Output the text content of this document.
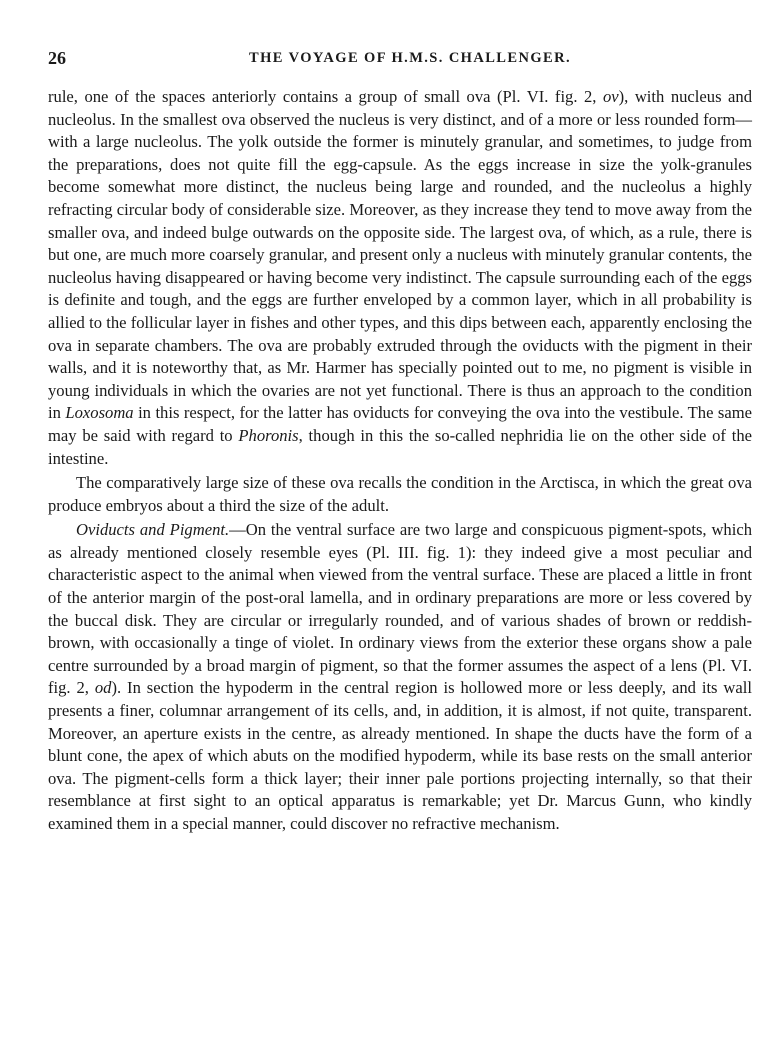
26	THE VOYAGE OF H.M.S. CHALLENGER.

rule, one of the spaces anteriorly contains a group of small ova (Pl. VI. fig. 2, ov), with nucleus and nucleolus. In the smallest ova observed the nucleus is very distinct, and of a more or less rounded form—with a large nucleolus. The yolk outside the former is minutely granular, and sometimes, to judge from the preparations, does not quite fill the egg-capsule. As the eggs increase in size the yolk-granules become somewhat more distinct, the nucleus being large and rounded, and the nucleolus a highly refracting circular body of considerable size. Moreover, as they increase they tend to move away from the smaller ova, and indeed bulge outwards on the opposite side. The largest ova, of which, as a rule, there is but one, are much more coarsely granular, and present only a nucleus with minutely granular contents, the nucleolus having disappeared or having become very indistinct. The capsule surrounding each of the eggs is definite and tough, and the eggs are further enveloped by a common layer, which in all probability is allied to the follicular layer in fishes and other types, and this dips between each, apparently enclosing the ova in separate chambers. The ova are probably extruded through the oviducts with the pigment in their walls, and it is noteworthy that, as Mr. Harmer has specially pointed out to me, no pigment is visible in young individuals in which the ovaries are not yet functional. There is thus an approach to the condition in Loxosoma in this respect, for the latter has oviducts for conveying the ova into the vestibule. The same may be said with regard to Phoronis, though in this the so-called nephridia lie on the other side of the intestine.

The comparatively large size of these ova recalls the condition in the Arctisca, in which the great ova produce embryos about a third the size of the adult.

Oviducts and Pigment.—On the ventral surface are two large and conspicuous pigment-spots, which as already mentioned closely resemble eyes (Pl. III. fig. 1): they indeed give a most peculiar and characteristic aspect to the animal when viewed from the ventral surface. These are placed a little in front of the anterior margin of the post-oral lamella, and in ordinary preparations are more or less covered by the buccal disk. They are circular or irregularly rounded, and of various shades of brown or reddish-brown, with occasionally a tinge of violet. In ordinary views from the exterior these organs show a pale centre surrounded by a broad margin of pigment, so that the former assumes the aspect of a lens (Pl. VI. fig. 2, od). In section the hypoderm in the central region is hollowed more or less deeply, and its wall presents a finer, columnar arrangement of its cells, and, in addition, it is almost, if not quite, transparent. Moreover, an aperture exists in the centre, as already mentioned. In shape the ducts have the form of a blunt cone, the apex of which abuts on the modified hypoderm, while its base rests on the small anterior ova. The pigment-cells form a thick layer; their inner pale portions projecting internally, so that their resemblance at first sight to an optical apparatus is remarkable; yet Dr. Marcus Gunn, who kindly examined them in a special manner, could discover no refractive mechanism.
